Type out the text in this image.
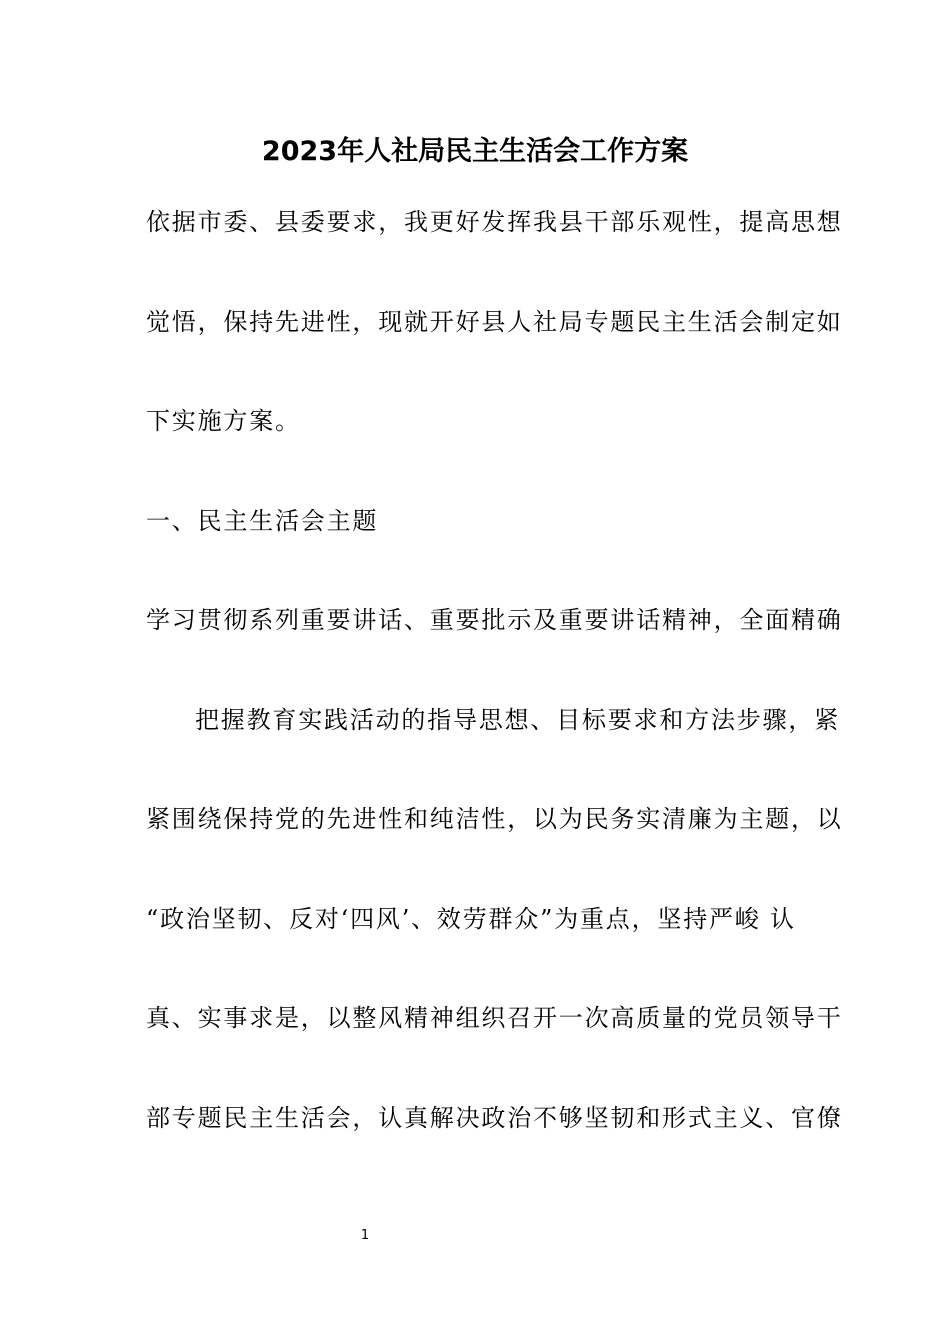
2023年人社局民主生活会工作方案
依据市委、县委要求，我更好发挥我县干部乐观性，提高思想
觉悟，保持先进性，现就开好县人社局专题民主生活会制定如
下实施方案。
一、民主生活会主题
学习贯彻系列重要讲话、重要批示及重要讲话精神，全面精确
把握教育实践活动的指导思想、目标要求和方法步骤，紧
紧围绕保持党的先进性和纯洁性，以为民务实清廉为主题，以
“政治坚韧、反对‘四风’、效劳群众”为重点，坚持严峻 认
真、实事求是，以整风精神组织召开一次高质量的党员领导干
部专题民主生活会，认真解决政治不够坚韧和形式主义、官僚
1
